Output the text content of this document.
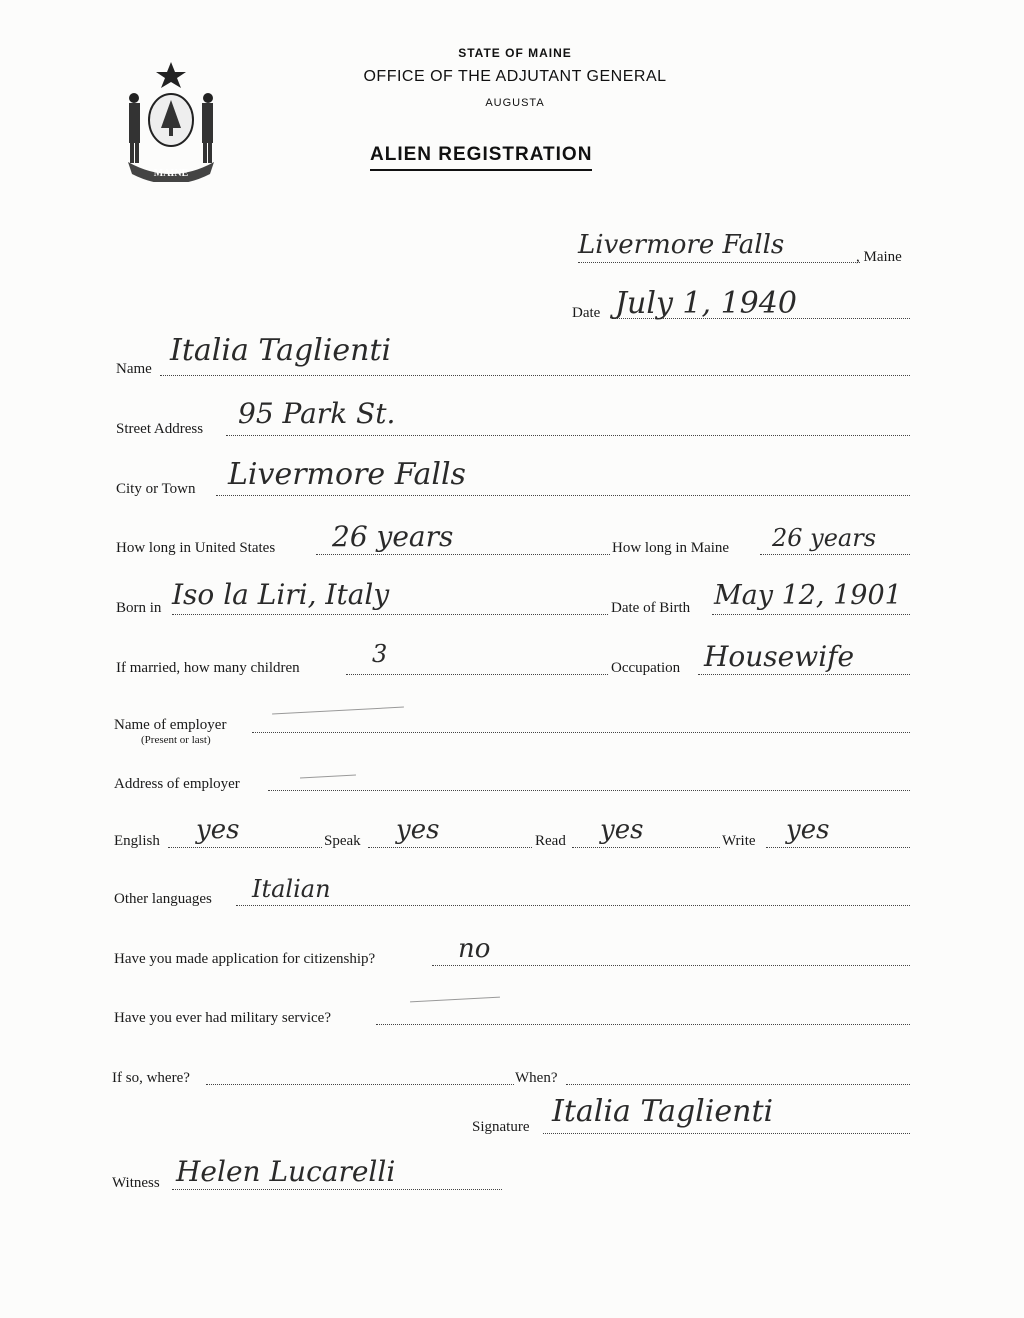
MAINE
STATE OF MAINE
OFFICE OF THE ADJUTANT GENERAL
AUGUSTA
ALIEN REGISTRATION
Livermore Falls	, Maine
Date July 1, 1940
Name
Italia Taglienti
Street Address 95 Park St.
City or Town Livermore Falls
How long in United States 26 years	How long in Maine 26 years
Born in Iso la Liri, Italy	Date of Birth May 12, 1901
If married, how many children	3	Occupation Housewife
Name of employer
(Present or last)
Address of employer
English yes	Speak yes	Read yes	Write yes
Other languages Italian
Have you made application for citizenship?	no
Have you ever had military service?
If so, where?	When?
Signature Italia Taglienti
Witness Helen Lucarelli
